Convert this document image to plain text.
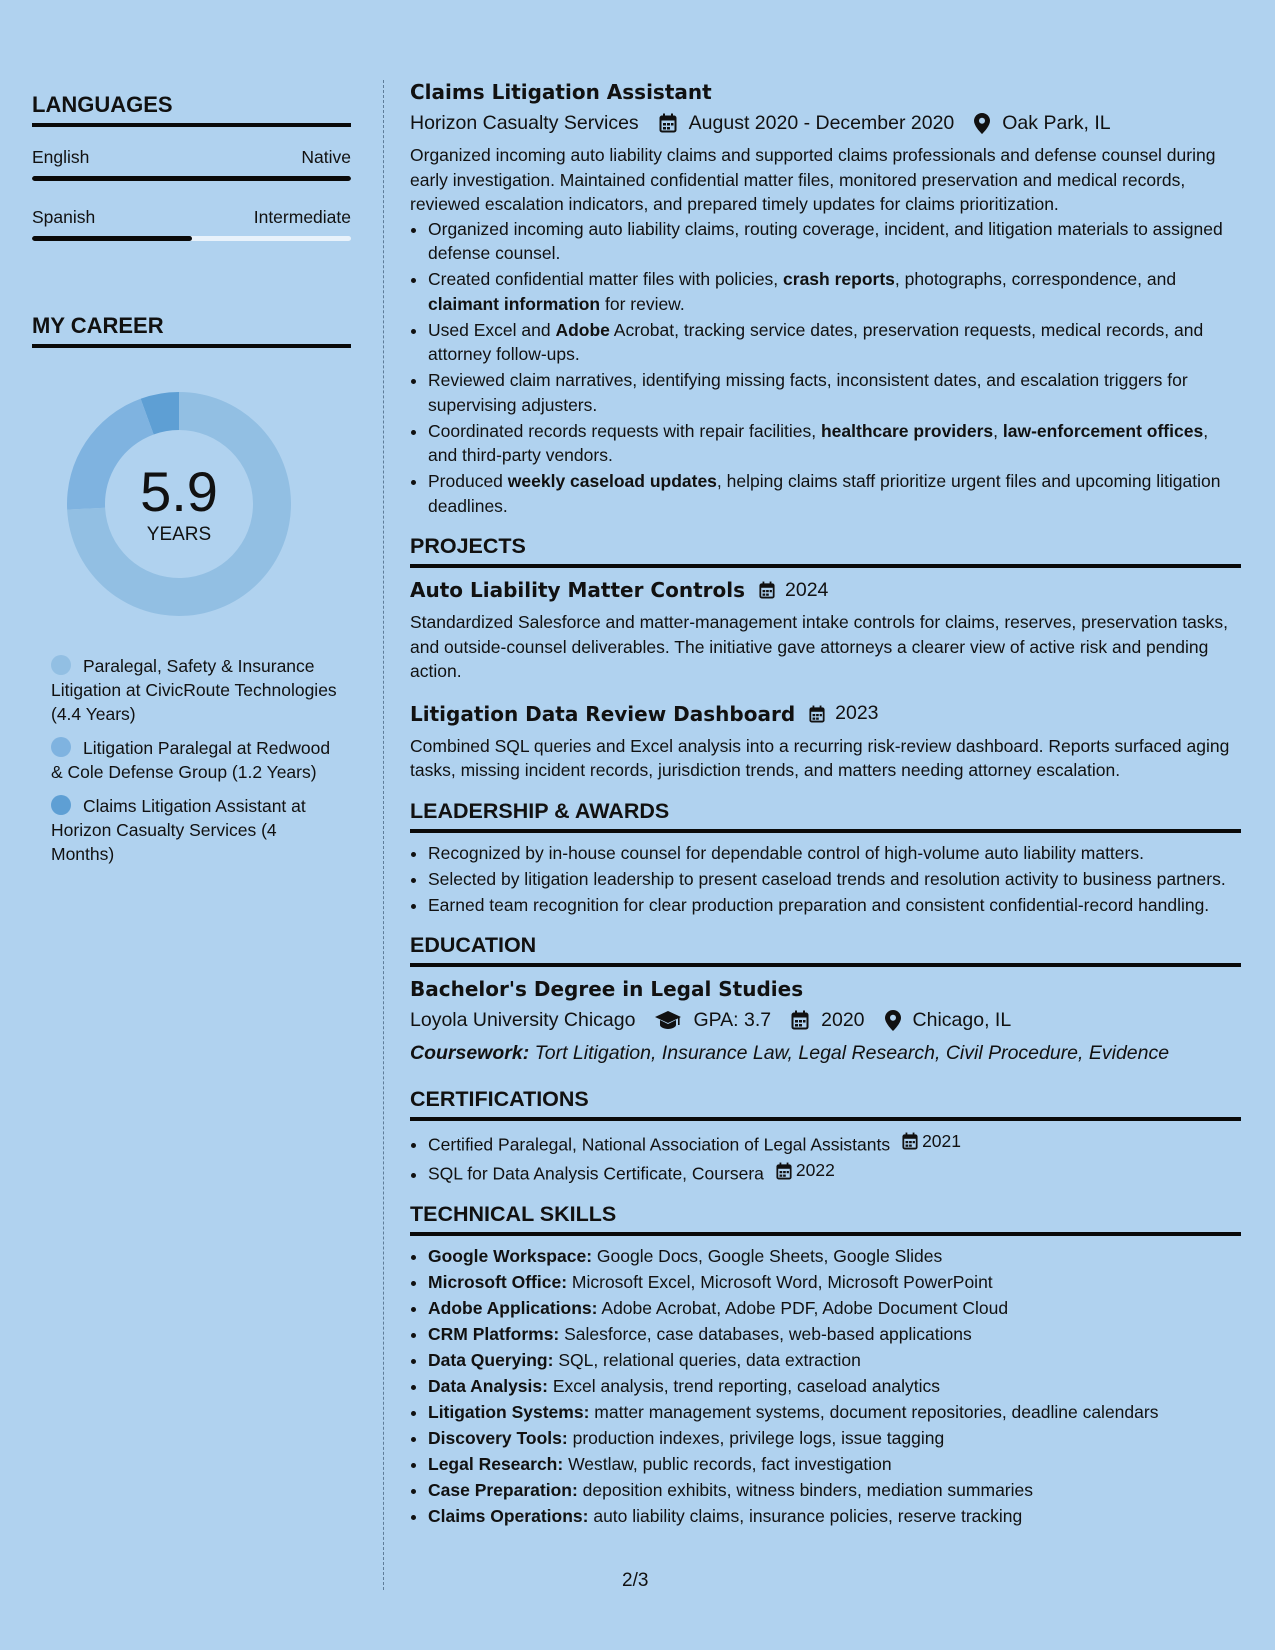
LANGUAGES
English	Native
Spanish	Intermediate
MY CAREER
5.9
YEARS
Paralegal, Safety & Insurance Litigation at CivicRoute Technologies (4.4 Years)
Litigation Paralegal at Redwood & Cole Defense Group (1.2 Years)
Claims Litigation Assistant at Horizon Casualty Services (4 Months)
Claims Litigation Assistant
Horizon Casualty Services	August 2020 - December 2020 Oak Park, IL
Organized incoming auto liability claims and supported claims professionals and defense counsel during early investigation. Maintained confidential matter files, monitored preservation and medical records, reviewed escalation indicators, and prepared timely updates for claims prioritization.
• Organized incoming auto liability claims, routing coverage, incident, and litigation materials to assigned defense counsel.
• Created confidential matter files with policies, crash reports, photographs, correspondence, and claimant information for review.
• Used Excel and Adobe Acrobat, tracking service dates, preservation requests, medical records, and attorney follow-ups.
• Reviewed claim narratives, identifying missing facts, inconsistent dates, and escalation triggers for supervising adjusters.
• Coordinated records requests with repair facilities, healthcare providers, law-enforcement offices, and third-party vendors.
• Produced weekly caseload updates, helping claims staff prioritize urgent files and upcoming litigation deadlines.
PROJECTS
Auto Liability Matter Controls 2024
Standardized Salesforce and matter-management intake controls for claims, reserves, preservation tasks, and outside-counsel deliverables. The initiative gave attorneys a clearer view of active risk and pending action.
Litigation Data Review Dashboard 2023
Combined SQL queries and Excel analysis into a recurring risk-review dashboard. Reports surfaced aging tasks, missing incident records, jurisdiction trends, and matters needing attorney escalation.
LEADERSHIP & AWARDS
• Recognized by in-house counsel for dependable control of high-volume auto liability matters.
• Selected by litigation leadership to present caseload trends and resolution activity to business partners.
• Earned team recognition for clear production preparation and consistent confidential-record handling.
EDUCATION
Bachelor's Degree in Legal Studies
Loyola University Chicago	GPA: 3.7	2020 Chicago, IL
Coursework: Tort Litigation, Insurance Law, Legal Research, Civil Procedure, Evidence
CERTIFICATIONS
• Certified Paralegal, National Association of Legal Assistants 2021
• SQL for Data Analysis Certificate, Coursera 2022
TECHNICAL SKILLS
• Google Workspace: Google Docs, Google Sheets, Google Slides
• Microsoft Office: Microsoft Excel, Microsoft Word, Microsoft PowerPoint
• Adobe Applications: Adobe Acrobat, Adobe PDF, Adobe Document Cloud
• CRM Platforms: Salesforce, case databases, web-based applications
• Data Querying: SQL, relational queries, data extraction
• Data Analysis: Excel analysis, trend reporting, caseload analytics
• Litigation Systems: matter management systems, document repositories, deadline calendars
• Discovery Tools: production indexes, privilege logs, issue tagging
• Legal Research: Westlaw, public records, fact investigation
• Case Preparation: deposition exhibits, witness binders, mediation summaries
• Claims Operations: auto liability claims, insurance policies, reserve tracking
2/3
